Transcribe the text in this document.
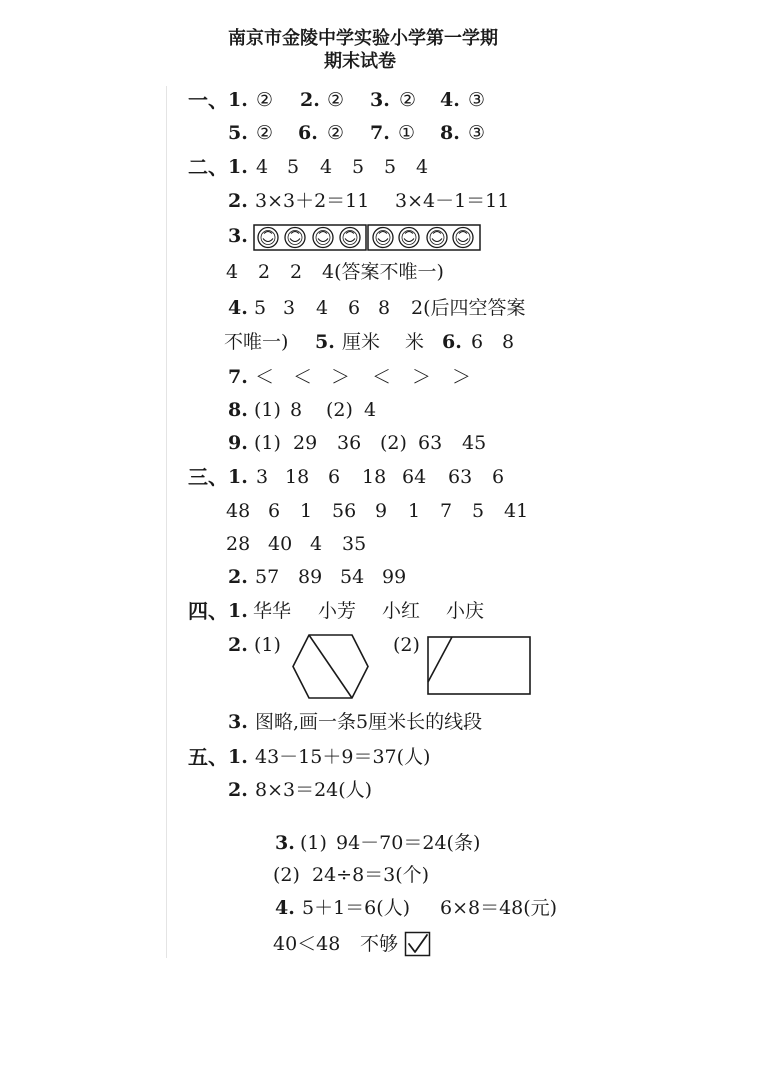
南京市金陵中学实验小学第一学期
期末试卷
一、 1. ② 2. ② 3. ② 4. ③
5. ② 6. ② 7. ① 8. ③
二、 1. 4 5 4 5 5 4
2. 3×3＋2＝11 3×4－1＝11
3.
4 2 2 4(答案不唯一)
4. 5 3 4 6 8 2(后四空答案
不唯一) 5. 厘米 米 6. 6 8
7. ＜ ＜ ＞ ＜ ＞ ＞
8. (1) 8 (2) 4
9. (1) 29 36 (2) 63 45
三、 1. 3 18 6 18 64 63 6
48 6 1 56 9 1 7 5 41
28 40 4 35
2. 57 89 54 99
四、 1. 华华 小芳 小红 小庆
2. (1)	(2)
3. 图略,画一条5厘米长的线段
五、 1. 43－15＋9＝37(人)
2. 8×3＝24(人)
3. (1) 94－70＝24(条)
(2) 24÷8＝3(个)
4. 5＋1＝6(人) 6×8＝48(元)
40＜48 不够
